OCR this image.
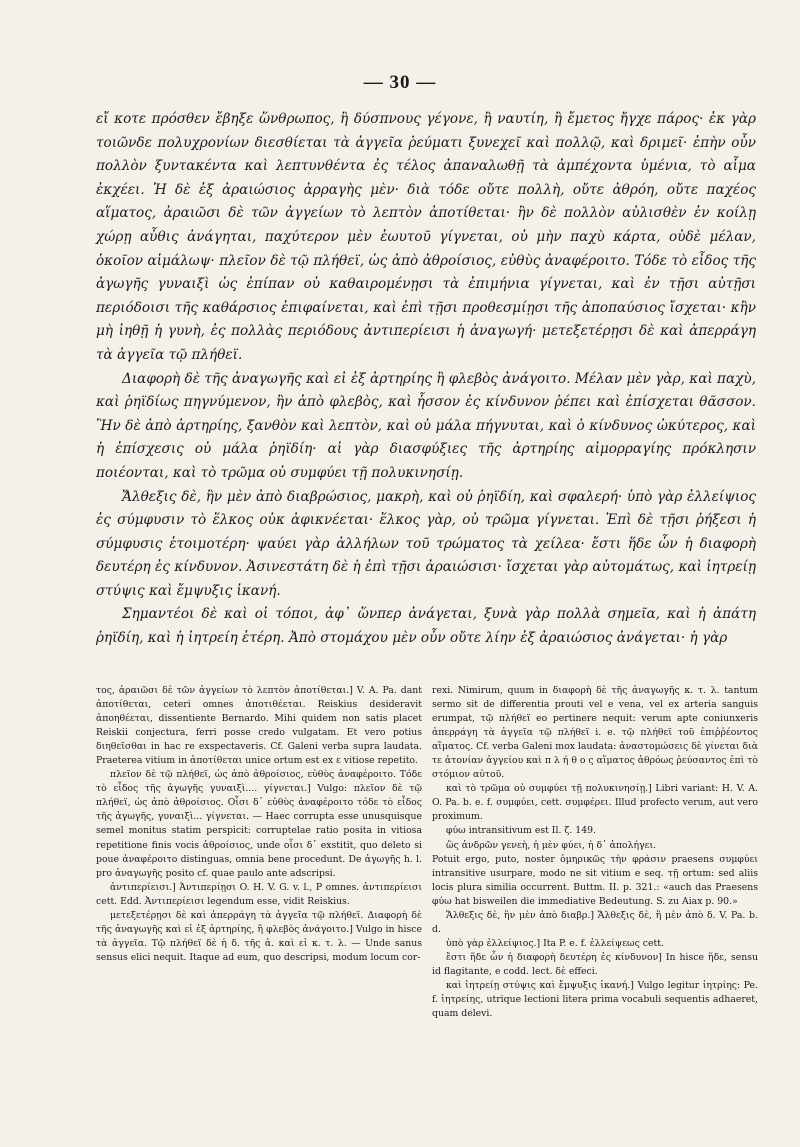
— 30 —

εἴ κοτε πρόσθεν ἔβηξε ὥνθρωπος, ἢ δύσπνους γέγονε, ἢ ναυτίη, ἢ ἔμετος ἤγχε πάρος· ἐκ γὰρ τοιῶνδε πολυχρονίων διεσθίεται τὰ ἀγγεῖα ῥεύματι ξυνεχεῖ καὶ πολλῷ, καὶ δριμεῖ· ἐπὴν οὖν πολλὸν ξυντακέντα καὶ λεπτυνθέντα ἐς τέλος ἀπαναλωθῇ τὰ ἀμπέχοντα ὑμένια, τὸ αἷμα ἐκχέει. Ἡ δὲ ἐξ ἀραιώσιος ἀρραγὴς μὲν· διὰ τόδε οὔτε πολλὴ, οὔτε ἀθρόη, οὔτε παχέος αἵματος, ἀραιῶσι δὲ τῶν ἀγγείων τὸ λεπτὸν ἀποτίθεται· ἢν δὲ πολλὸν αὐλισθὲν ἐν κοίλῃ χώρῃ αὖθις ἀνάγηται, παχύτερον μὲν ἑωυτοῦ γίγνεται, οὐ μὴν παχὺ κάρτα, οὐδὲ μέλαν, ὁκοῖον αἱμάλωψ· πλεῖον δὲ τῷ πλήθεϊ, ὡς ἀπὸ ἀθροίσιος, εὐθὺς ἀναφέροιτο. Τόδε τὸ εἶδος τῆς ἀγωγῆς γυναιξὶ ὡς ἐπίπαν οὐ καθαιρομένῃσι τὰ ἐπιμήνια γίγνεται, καὶ ἐν τῇσι αὐτῇσι περιόδοισι τῆς καθάρσιος ἐπιφαίνεται, καὶ ἐπὶ τῇσι προθεσμίῃσι τῆς ἀποπαύσιος ἴσχεται· κἢν μὴ ἰηθῇ ἡ γυνὴ, ἐς πολλὰς περιόδους ἀντιπερίεισι ἡ ἀναγωγή· μετεξετέρῃσι δὲ καὶ ἀπερράγη τὰ ἀγγεῖα τῷ πλήθεϊ.

Διαφορὴ δὲ τῆς ἀναγωγῆς καὶ εἰ ἐξ ἀρτηρίης ἢ φλεβὸς ἀνάγοιτο. Μέλαν μὲν γὰρ, καὶ παχὺ, καὶ ῥηϊδίως πηγνύμενον, ἢν ἀπὸ φλεβὸς, καὶ ἧσσον ἐς κίνδυνον ῥέπει καὶ ἐπίσχεται θᾶσσον. Ἢν δὲ ἀπὸ ἀρτηρίης, ξανθὸν καὶ λεπτὸν, καὶ οὐ μάλα πήγνυται, καὶ ὁ κίνδυνος ὠκύτερος, καὶ ἡ ἐπίσχεσις οὐ μάλα ῥηϊδίη· αἱ γὰρ διασφύξιες τῆς ἀρτηρίης αἱμορραγίης πρόκλησιν ποιέονται, καὶ τὸ τρῶμα οὐ συμφύει τῇ πολυκινησίῃ.

Ἄλθεξις δὲ, ἢν μὲν ἀπὸ διαβρώσιος, μακρὴ, καὶ οὐ ῥηϊδίη, καὶ σφαλερή· ὑπὸ γὰρ ἐλλείψιος ἐς σύμφυσιν τὸ ἕλκος οὐκ ἀφικνέεται· ἕλκος γὰρ, οὐ τρῶμα γίγνεται. Ἐπὶ δὲ τῇσι ῥήξεσι ἡ σύμφυσις ἑτοιμοτέρη· ψαύει γὰρ ἀλλήλων τοῦ τρώματος τὰ χείλεα· ἔστι ἥδε ὧν ἡ διαφορὴ δευτέρη ἐς κίνδυνον. Ἀσινεστάτη δὲ ἡ ἐπὶ τῇσι ἀραιώσισι· ἴσχεται γὰρ αὐτομάτως, καὶ ἰητρείῃ στύψις καὶ ἔμψυξις ἱκανή.

Σημαντέοι δὲ καὶ οἱ τόποι, ἀφ᾽ ὥνπερ ἀνάγεται, ξυνὰ γὰρ πολλὰ σημεῖα, καὶ ἡ ἀπάτη ῥηϊδίη, καὶ ἡ ἰητρείη ἑτέρη. Ἀπὸ στομάχου μὲν οὖν οὔτε λίην ἐξ ἀραιώσιος ἀνάγεται· ἡ γὰρ

τος, ἀραιῶσι δὲ τῶν ἀγγείων τὸ λεπτὸν ἀποτίθεται.] V. A. Pa. dant ἀποτίθεται, ceteri omnes ἀποτιθέεται. Reiskius desideravit ἀποηθέεται, dissentiente Bernardo. Mihi quidem non satis placet Reiskii conjectura, ferri posse credo vulgatam. Et vero potius διηθεῖσθαι in hac re exspectaveris. Cf. Galeni verba supra laudata. Praeterea vitium in ἀποτίθεται unice ortum est ex ε vitiose repetito.

πλεῖον δὲ τῷ πλήθεϊ, ὡς ἀπὸ ἀθροίσιος, εὐθὺς ἀναφέροιτο. Τόδε τὸ εἶδος τῆς ἀγωγῆς γυναιξὶ.... γίγνεται.] Vulgo: πλεῖον δὲ τῷ πλήθεϊ, ὡς ἀπὸ ἀθροίσιος. Οἷσι δ᾽ εὐθὺς ἀναφέροιτο τόδε τὸ εἶδος τῆς ἀγωγῆς, γυναιξὶ... γίγνεται. — Haec corrupta esse unusquisque semel monitus statim perspicit: corruptelae ratio posita in vitiosa repetitione finis vocis ἀθροίσιος, unde οἷσι δ᾽ exstitit, quo deleto si poue ἀναφέροιτο distinguas, omnia bene procedunt. De ἀγωγῆς h. l. pro ἀναγωγῆς posito cf. quae paulo ante adscripsi.

ἀντιπερίεισι.] Ἀντιπερίῃσι O. H. V. G. v. l., P omnes. ἀντιπερίεισι cett. Edd. Ἀντιπερίεισι legendum esse, vidit Reiskius.

μετεξετέρῃσι δὲ καὶ ἀπερράγη τὰ ἀγγεῖα τῷ πλήθεϊ. Διαφορὴ δὲ τῆς ἀναγωγῆς καὶ εἰ ἐξ ἀρτηρίης, ἢ φλεβὸς ἀνάγοιτο.] Vulgo in hisce τὰ ἀγγεῖα. Τῷ πλήθεϊ δὲ ἡ δ. τῆς ἀ. καὶ εἰ κ. τ. λ. — Unde sanus sensus elici nequit. Itaque ad eum, quo descripsi, modum locum cor-

rexi. Nimirum, quum in διαφορὴ δὲ τῆς ἀναγωγῆς κ. τ. λ. tantum sermo sit de differentia prouti vel e vena, vel ex arteria sanguis erumpat, τῷ πλήθεϊ eo pertinere nequit: verum apte coniunxeris ἀπερράγη τὰ ἀγγεῖα τῷ πλήθεϊ i. e. τῷ πλήθεϊ τοῦ ἐπιῤῥέοντος αἵματος. Cf. verba Galeni mox laudata: ἀναστομώσεις δὲ γίνεται διὰ τε ἀτονίαν ἀγγείου καὶ π λ ή θ ο ς αἵματος ἀθρόως ῥεύσαντος ἐπὶ τὸ στόμιον αὐτοῦ.

καὶ τὸ τρῶμα οὐ συμφύει τῇ πολυκινησίῃ.] Libri variant: H. V. A. O. Pa. b. e. f. συμφύει, cett. συμφέρει. Illud profecto verum, aut vero proximum.

φύω intransitivum est Il. ζ. 149.

ὣς ἀνδρῶν γενεὴ, ἡ μὲν φύει, ἡ δ᾽ ἀπολήγει.

Potuit ergo, puto, noster ὁμηρικῶς τὴν φράσιν praesens συμφύει intransitive usurpare, modo ne sit vitium e seq. τῇ ortum: sed aliis locis plura similia occurrent. Buttm. II. p. 321.: «auch das Praesens φύω hat bisweilen die immediative Bedeutung. S. zu Aiax p. 90.»

Ἄλθεξις δὲ, ἢν μὲν ἀπὸ διαβρ.] Ἄλθεξις δὲ, ἢ μὲν ἀπὸ δ. V. Pa. b. d.

ὑπὸ γὰρ ἐλλείψιος.] Ita P. e. f. ἐλλείψεως cett.

ἔστι ἥδε ὧν ἡ διαφορὴ δευτέρη ἐς κίνδυνον] In hisce ἥδε, sensu id flagitante, e codd. lect. δὲ effeci.

καὶ ἰητρείῃ στύψις καὶ ἔμψυξις ἱκανή.] Vulgo legitur ἰητρίης: Pe. f. ἰητρείης, utrique lectioni litera prima vocabuli sequentis adhaeret, quam delevi.
